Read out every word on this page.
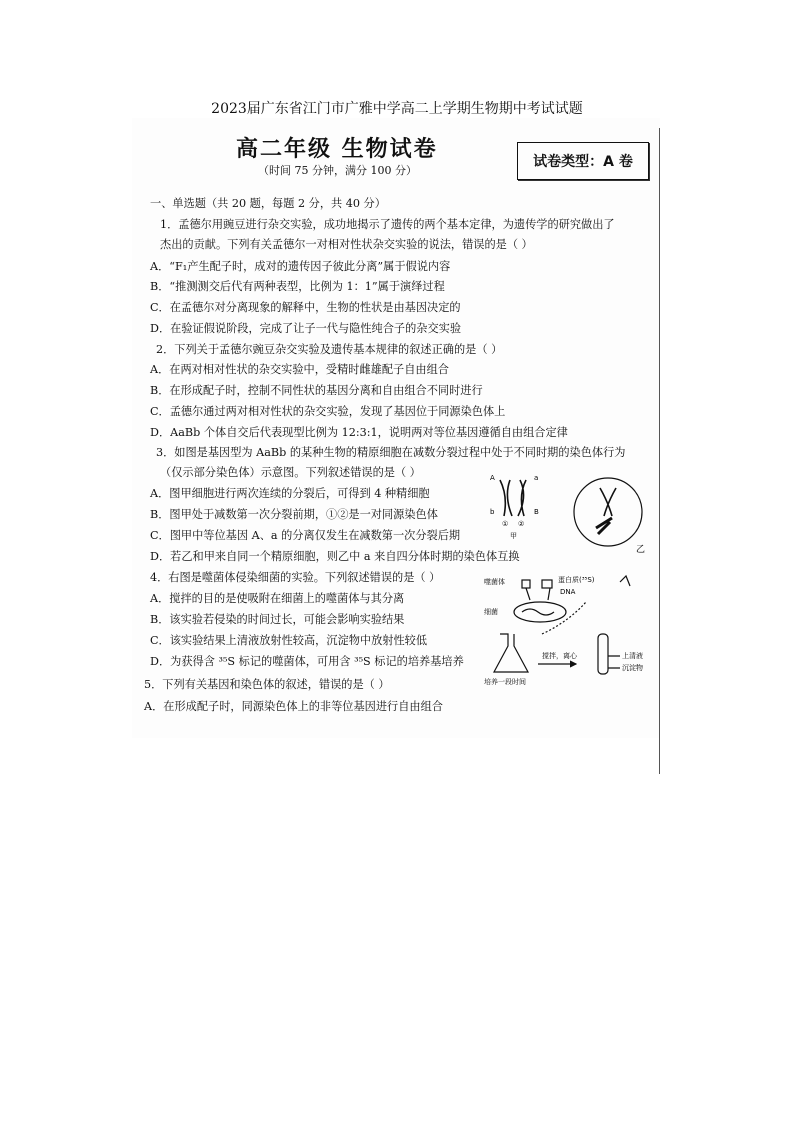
2023届广东省江门市广雅中学高二上学期生物期中考试试题
高二年级 生物试卷
（时间 75 分钟，满分 100 分）
试卷类型：A 卷
一、单选题（共 20 题，每题 2 分，共 40 分）
1．孟德尔用豌豆进行杂交实验，成功地揭示了遗传的两个基本定律，为遗传学的研究做出了
杰出的贡献。下列有关孟德尔一对相对性状杂交实验的说法，错误的是（ ）
A．“F₁产生配子时，成对的遗传因子彼此分离”属于假说内容
B．“推测测交后代有两种表型，比例为 1：1”属于演绎过程
C．在孟德尔对分离现象的解释中，生物的性状是由基因决定的
D．在验证假说阶段，完成了让子一代与隐性纯合子的杂交实验
2．下列关于孟德尔豌豆杂交实验及遗传基本规律的叙述正确的是（ ）
A．在两对相对性状的杂交实验中，受精时雌雄配子自由组合
B．在形成配子时，控制不同性状的基因分离和自由组合不同时进行
C．孟德尔通过两对相对性状的杂交实验，发现了基因位于同源染色体上
D．AaBb 个体自交后代表现型比例为 12:3:1，说明两对等位基因遵循自由组合定律
3．如图是基因型为 AaBb 的某种生物的精原细胞在减数分裂过程中处于不同时期的染色体行为
（仅示部分染色体）示意图。下列叙述错误的是（ ）
A．图甲细胞进行两次连续的分裂后，可得到 4 种精细胞
B．图甲处于减数第一次分裂前期，①②是一对同源染色体
C．图甲中等位基因 A、a 的分离仅发生在减数第一次分裂后期
D．若乙和甲来自同一个精原细胞，则乙中 a 来自四分体时期的染色体互换
4．右图是噬菌体侵染细菌的实验。下列叙述错误的是（ ）
A．搅拌的目的是使吸附在细菌上的噬菌体与其分离
B．该实验若侵染的时间过长，可能会影响实验结果
C．该实验结果上清液放射性较高，沉淀物中放射性较低
D．为获得含 ³⁵S 标记的噬菌体，可用含 ³⁵S 标记的培养基培养
5．下列有关基因和染色体的叙述，错误的是（ ）
A．在形成配子时，同源染色体上的非等位基因进行自由组合
A	a
b	B
① ②
甲
乙
噬菌体	蛋白质(³⁵S)
DNA
细菌
搅拌，离心	上清液
沉淀物
培养一段时间
